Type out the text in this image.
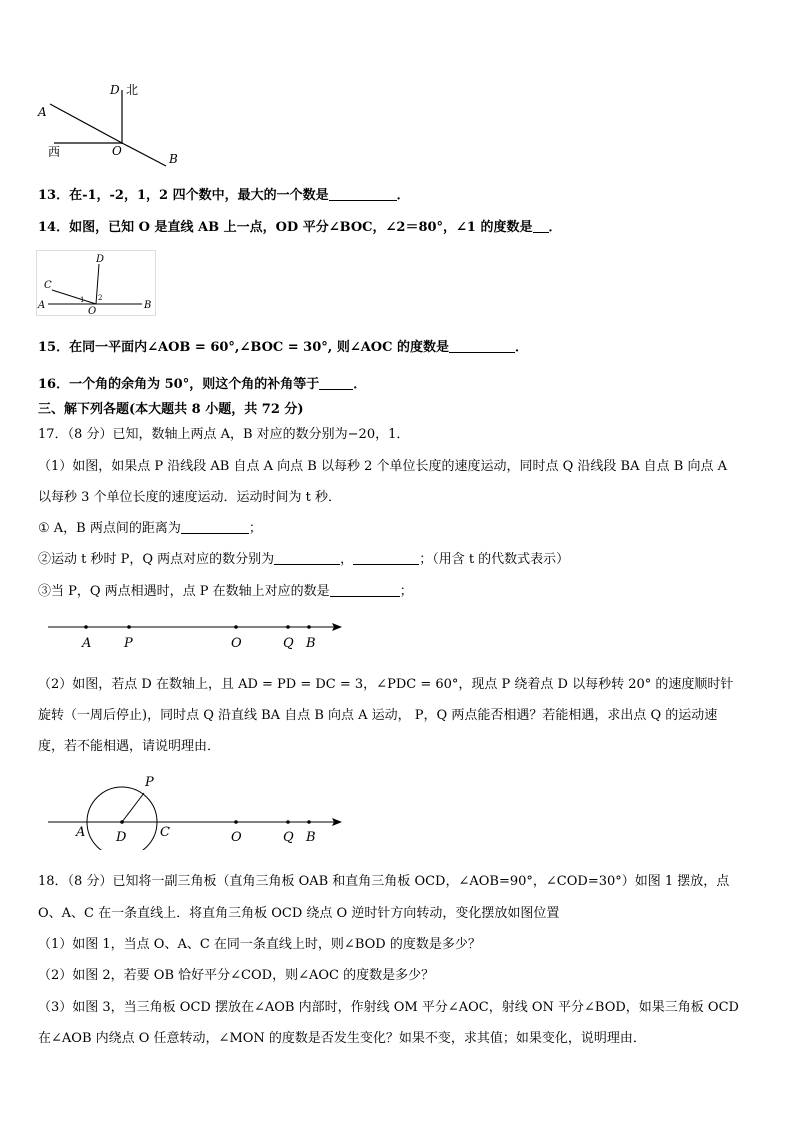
D 北
A
西	O
B
13．在-1，-2，1，2 四个数中，最大的一个数是	．
14．如图，已知 O 是直线 AB 上一点，OD 平分∠BOC，∠2＝80°，∠1 的度数是 ．
A	B
C
D
O
1 2
15．在同一平面内∠AOB = 60°,∠BOC = 30°, 则∠AOC 的度数是	．
16．一个角的余角为 50°，则这个角的补角等于	．
三、解下列各题(本大题共 8 小题，共 72 分)
17．（8 分）已知，数轴上两点 A，B 对应的数分别为−20，1．
（1）如图，如果点 P 沿线段 AB 自点 A 向点 B 以每秒 2 个单位长度的速度运动，同时点 Q 沿线段 BA 自点 B 向点 A
以每秒 3 个单位长度的速度运动．运动时间为 t 秒．
① A，B 两点间的距离为	；
②运动 t 秒时 P，Q 两点对应的数分别为	，	；（用含 t 的代数式表示）
③当 P，Q 两点相遇时，点 P 在数轴上对应的数是	；
A	P	O	Q B
（2）如图，若点 D 在数轴上，且 AD = PD = DC = 3，∠PDC = 60°，现点 P 绕着点 D 以每秒转 20° 的速度顺时针
旋转（一周后停止)，同时点 Q 沿直线 BA 自点 B 向点 A 运动， P，Q 两点能否相遇？若能相遇，求出点 Q 的运动速
度，若不能相遇，请说明理由．
P
A D	C	O	Q B
18．（8 分）已知将一副三角板（直角三角板 OAB 和直角三角板 OCD，∠AOB=90°，∠COD=30°）如图 1 摆放，点
O、A、C 在一条直线上．将直角三角板 OCD 绕点 O 逆时针方向转动，变化摆放如图位置
（1）如图 1，当点 O、A、C 在同一条直线上时，则∠BOD 的度数是多少？
（2）如图 2，若要 OB 恰好平分∠COD，则∠AOC 的度数是多少？
（3）如图 3，当三角板 OCD 摆放在∠AOB 内部时，作射线 OM 平分∠AOC，射线 ON 平分∠BOD，如果三角板 OCD
在∠AOB 内绕点 O 任意转动，∠MON 的度数是否发生变化？如果不变，求其值；如果变化，说明理由．
